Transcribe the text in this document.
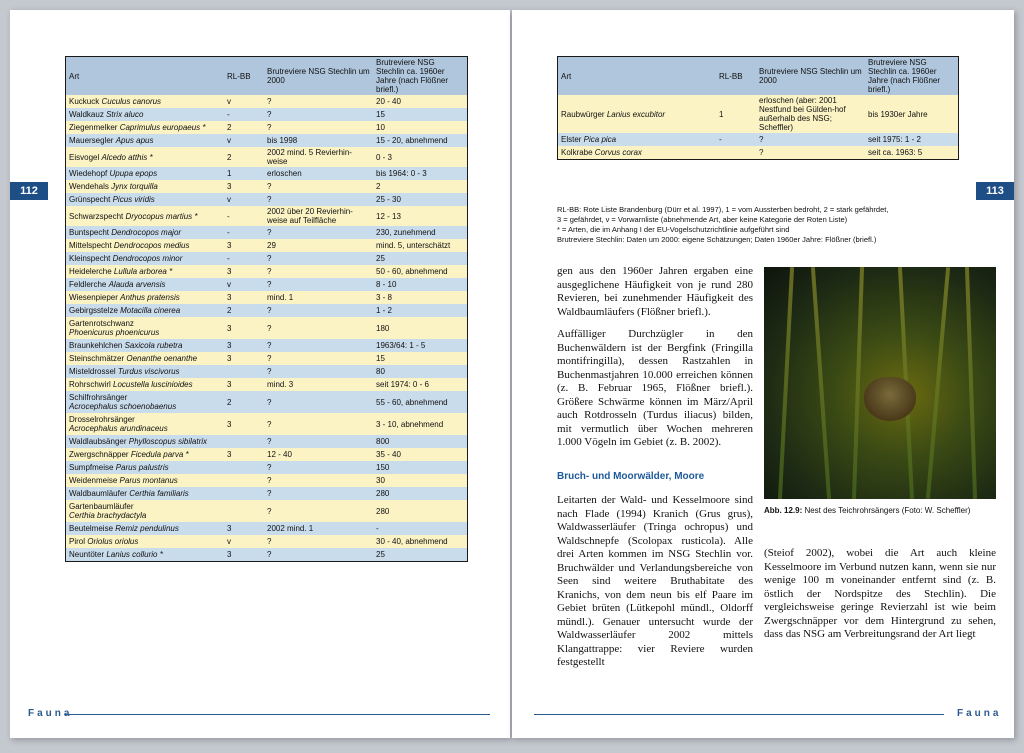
112
Art	RL-BB	Brutreviere NSG Stechlin um 2000	Brutreviere NSG Stechlin ca. 1960er Jahre (nach Flößner briefl.)
Kuckuck Cuculus canorus	v	?	20 - 40
Waldkauz Strix aluco	-	?	15
Ziegenmelker Caprimulus europaeus *	2	?	10
Mauersegler Apus apus	v	bis 1998	15 - 20, abnehmend
Eisvogel Alcedo atthis *	2	2002 mind. 5 Revierhin-weise	0 - 3
Wiedehopf Upupa epops	1	erloschen	bis 1964: 0 - 3
Wendehals Jynx torquilla	3	?	2
Grünspecht Picus viridis	v	?	25 - 30
Schwarzspecht Dryocopus martius *	-	2002 über 20 Revierhin-weise auf Teilfläche	12 - 13
Buntspecht Dendrocopos major	-	?	230, zunehmend
Mittelspecht Dendrocopos medius	3	29	mind. 5, unterschätzt
Kleinspecht Dendrocopos minor	-	?	25
Heidelerche Lullula arborea *	3	?	50 - 60, abnehmend
Feldlerche Alauda arvensis	v	?	8 - 10
Wiesenpieper Anthus pratensis	3	mind. 1	3 - 8
Gebirgsstelze Motacilla cinerea	2	?	1 - 2
Gartenrotschwanz
Phoenicurus phoenicurus	3	?	180
Braunkehlchen Saxicola rubetra	3	?	1963/64: 1 - 5
Steinschmätzer Oenanthe oenanthe	3	?	15
Misteldrossel Turdus viscivorus		?	80
Rohrschwirl Locustella luscinioides	3	mind. 3	seit 1974: 0 - 6
Schilfrohrsänger
Acrocephalus schoenobaenus	2	?	55 - 60, abnehmend
Drosselrohrsänger
Acrocephalus arundinaceus	3	?	3 - 10, abnehmend
Waldlaubsänger Phylloscopus sibilatrix		?	800
Zwergschnäpper Ficedula parva *	3	12 - 40	35 - 40
Sumpfmeise Parus palustris		?	150
Weidenmeise Parus montanus		?	30
Waldbaumläufer Certhia familiaris		?	280
Gartenbaumläufer
Certhia brachydactyla		?	280
Beutelmeise Remiz pendulinus	3	2002 mind. 1	-
Pirol Oriolus oriolus	v	?	30 - 40, abnehmend
Neuntöter Lanius collurio *	3	?	25
Fauna
113
Art	RL-BB	Brutreviere NSG Stechlin um 2000	Brutreviere NSG Stechlin ca. 1960er Jahre (nach Flößner briefl.)
Raubwürger Lanius excubitor	1	erloschen (aber: 2001 Nestfund bei Gülden-hof außerhalb des NSG; Scheffler)	bis 1930er Jahre
Elster Pica pica	-	?	seit 1975: 1 - 2
Kolkrabe Corvus corax		?	seit ca. 1963: 5
RL-BB: Rote Liste Brandenburg (Dürr et al. 1997), 1 = vom Aussterben bedroht, 2 = stark gefährdet,
3 = gefährdet, v = Vorwarnliste (abnehmende Art, aber keine Kategorie der Roten Liste)
* = Arten, die im Anhang I der EU-Vogelschutzrichtlinie aufgeführt sind
Brutreviere Stechlin: Daten um 2000: eigene Schätzungen; Daten 1960er Jahre: Flößner (briefl.)
gen aus den 1960er Jahren ergaben eine ausgeglichene Häufigkeit von je rund 280 Revieren, bei zunehmender Häufigkeit des Waldbaumläufers (Flößner briefl.).
Auffälliger Durchzügler in den Buchenwäldern ist der Bergfink (Fringilla montifringilla), dessen Rastzahlen in Buchenmastjahren 10.000 erreichen können (z. B. Februar 1965, Flößner briefl.). Größere Schwärme können im März/April auch Rotdrosseln (Turdus iliacus) bilden, mit vermutlich über Wochen mehreren 1.000 Vögeln im Gebiet (z. B. 2002).
Bruch- und Moorwälder, Moore
Leitarten der Wald- und Kesselmoore sind nach Flade (1994) Kranich (Grus grus), Waldwasserläufer (Tringa ochropus) und Waldschnepfe (Scolopax rusticola). Alle drei Arten kommen im NSG Stechlin vor. Bruchwälder und Verlandungsbereiche von Seen sind weitere Bruthabitate des Kranichs, von dem neun bis elf Paare im Gebiet brüten (Lütkepohl mündl., Oldorff mündl.). Genauer untersucht wurde der Waldwasserläufer 2002 mittels Klangattrappe: vier Reviere wurden festgestellt
Abb. 12.9: Nest des Teichrohrsängers (Foto: W. Scheffler)
(Steiof 2002), wobei die Art auch kleine Kesselmoore im Verbund nutzen kann, wenn sie nur wenige 100 m voneinander entfernt sind (z. B. östlich der Nordspitze des Stechlin). Die vergleichsweise geringe Revierzahl ist wie beim Zwergschnäpper vor dem Hintergrund zu sehen, dass das NSG am Verbreitungsrand der Art liegt
Fauna
